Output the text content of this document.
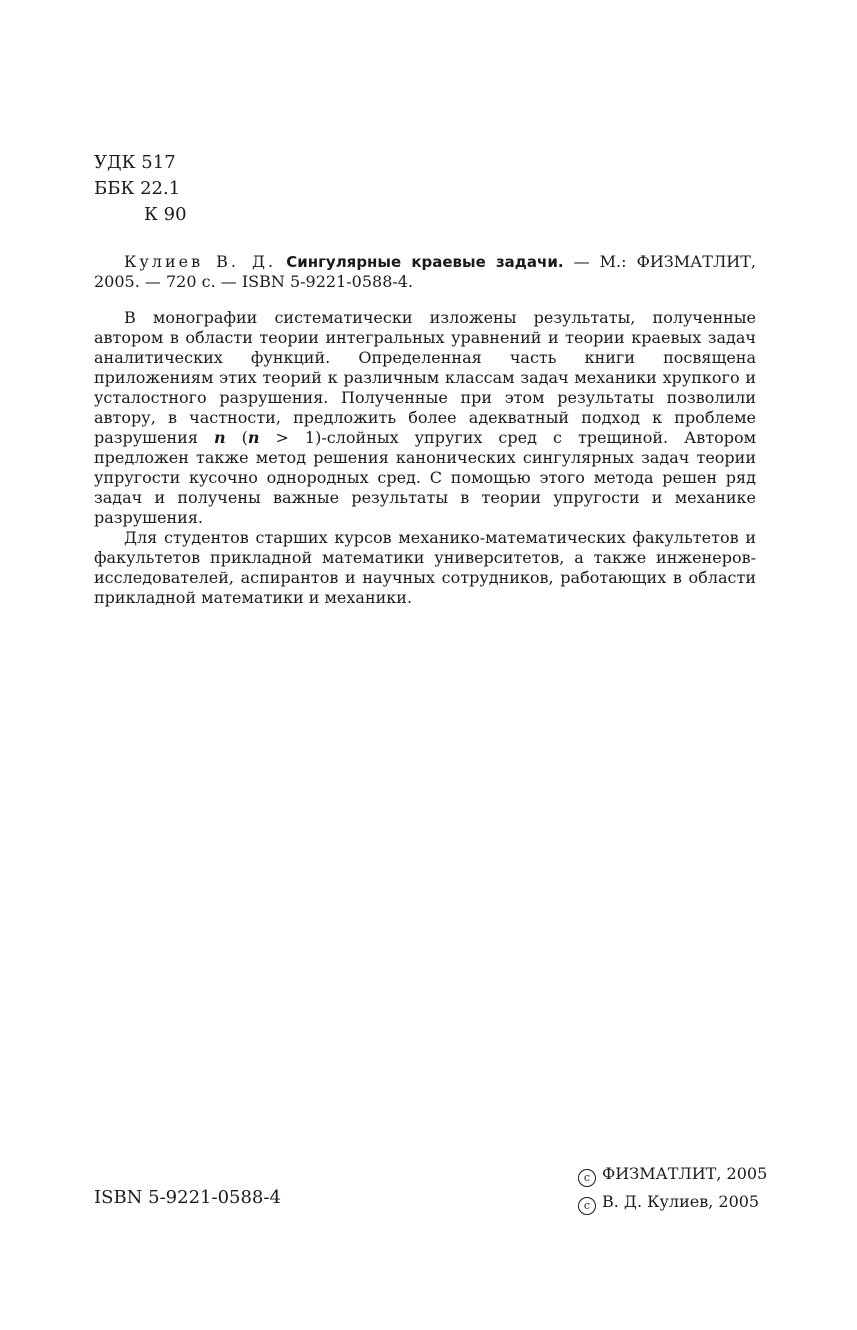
УДК 517
ББК 22.1
К 90

Кулиев В. Д. Сингулярные краевые задачи. — М.: ФИЗМАТЛИТ, 2005. — 720 с. — ISBN 5-9221-0588-4.

В монографии систематически изложены результаты, полученные автором в области теории интегральных уравнений и теории краевых задач аналитических функций. Определенная часть книги посвящена приложениям этих теорий к различным классам задач механики хрупкого и усталостного разрушения. Полученные при этом результаты позволили автору, в частности, предложить более адекватный подход к проблеме разрушения n (n > 1)-слойных упругих сред с трещиной. Автором предложен также метод решения канонических сингулярных задач теории упругости кусочно однородных сред. С помощью этого метода решен ряд задач и получены важные результаты в теории упругости и механике разрушения.

Для студентов старших курсов механико-математических факультетов и факультетов прикладной математики университетов, а также инженеров-исследователей, аспирантов и научных сотрудников, работающих в области прикладной математики и механики.

ISBN 5-9221-0588-4
c ФИЗМАТЛИТ, 2005
c В. Д. Кулиев, 2005
